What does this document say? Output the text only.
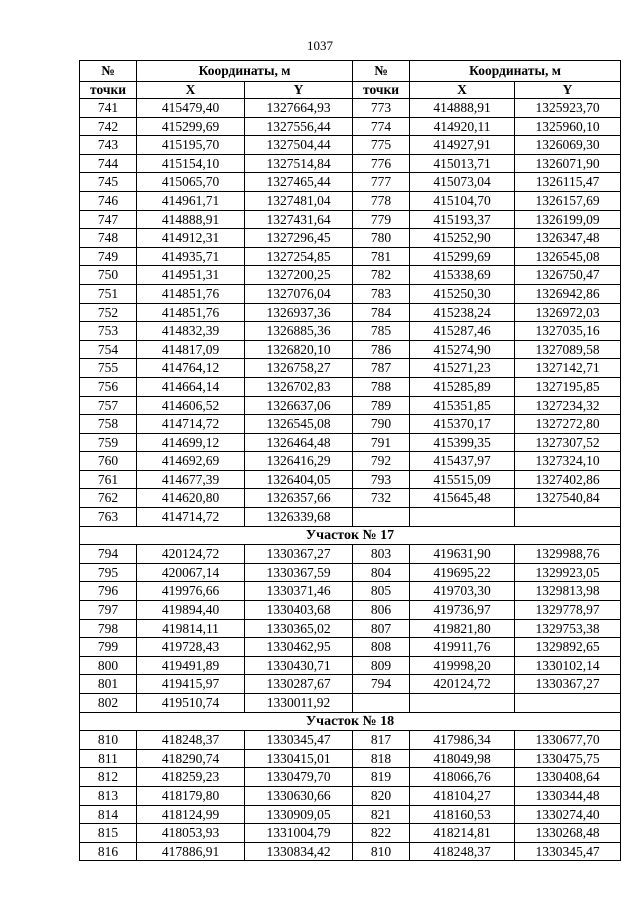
1037
№	Координаты, м		№	Координаты, м	
точки	X	Y	точки	X	Y
741	415479,40	1327664,93	773	414888,91	1325923,70
742	415299,69	1327556,44	774	414920,11	1325960,10
743	415195,70	1327504,44	775	414927,91	1326069,30
744	415154,10	1327514,84	776	415013,71	1326071,90
745	415065,70	1327465,44	777	415073,04	1326115,47
746	414961,71	1327481,04	778	415104,70	1326157,69
747	414888,91	1327431,64	779	415193,37	1326199,09
748	414912,31	1327296,45	780	415252,90	1326347,48
749	414935,71	1327254,85	781	415299,69	1326545,08
750	414951,31	1327200,25	782	415338,69	1326750,47
751	414851,76	1327076,04	783	415250,30	1326942,86
752	414851,76	1326937,36	784	415238,24	1326972,03
753	414832,39	1326885,36	785	415287,46	1327035,16
754	414817,09	1326820,10	786	415274,90	1327089,58
755	414764,12	1326758,27	787	415271,23	1327142,71
756	414664,14	1326702,83	788	415285,89	1327195,85
757	414606,52	1326637,06	789	415351,85	1327234,32
758	414714,72	1326545,08	790	415370,17	1327272,80
759	414699,12	1326464,48	791	415399,35	1327307,52
760	414692,69	1326416,29	792	415437,97	1327324,10
761	414677,39	1326404,05	793	415515,09	1327402,86
762	414620,80	1326357,66	732	415645,48	1327540,84
763	414714,72	1326339,68			
Участок № 17					
794	420124,72	1330367,27	803	419631,90	1329988,76
795	420067,14	1330367,59	804	419695,22	1329923,05
796	419976,66	1330371,46	805	419703,30	1329813,98
797	419894,40	1330403,68	806	419736,97	1329778,97
798	419814,11	1330365,02	807	419821,80	1329753,38
799	419728,43	1330462,95	808	419911,76	1329892,65
800	419491,89	1330430,71	809	419998,20	1330102,14
801	419415,97	1330287,67	794	420124,72	1330367,27
802	419510,74	1330011,92			
Участок № 18					
810	418248,37	1330345,47	817	417986,34	1330677,70
811	418290,74	1330415,01	818	418049,98	1330475,75
812	418259,23	1330479,70	819	418066,76	1330408,64
813	418179,80	1330630,66	820	418104,27	1330344,48
814	418124,99	1330909,05	821	418160,53	1330274,40
815	418053,93	1331004,79	822	418214,81	1330268,48
816	417886,91	1330834,42	810	418248,37	1330345,47
